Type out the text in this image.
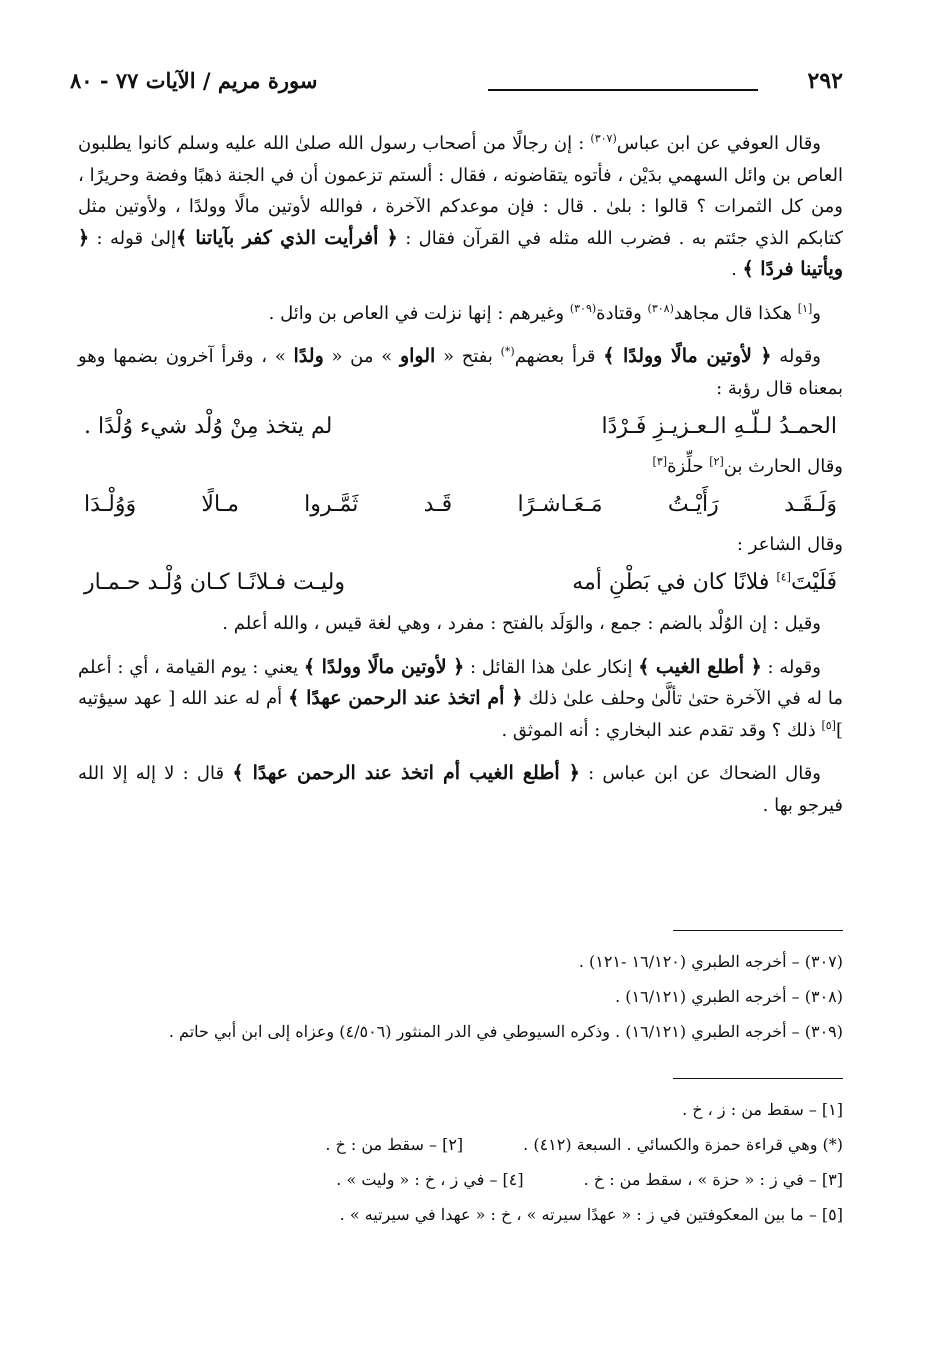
٢٩٢
سورة مريم / الآيات ٧٧ - ٨٠

وقال العوفي عن ابن عباس$^{(٣٠٧)}$ : إن رجالًا من أصحاب رسول الله صلىٰ الله عليه وسلم كانوا يطلبون العاص بن وائل السهمي بدَيْن ، فأتوه يتقاضونه ، فقال : ألستم تزعمون أن في الجنة ذهبًا وفضة وحريرًا ، ومن كل الثمرات ؟ قالوا : بلىٰ . قال : فإن موعدكم الآخرة ، فوالله لأوتين مالًا وولدًا ، ولأوتين مثل كتابكم الذي جئتم به . فضرب الله مثله في القرآن فقال : ﴿ أفرأيت الذي كفر بآياتنا ﴾إلىٰ قوله : ﴿ ويأتينا فردًا ﴾ .

و[١] هكذا قال مجاهد$^{(٣٠٨)}$ وقتادة$^{(٣٠٩)}$ وغيرهم : إنها نزلت في العاص بن وائل .

وقوله ﴿ لأوتين مالًا وولدًا ﴾ قرأ بعضهم(*) بفتح « الواو » من « ولدًا » ، وقرأ آخرون بضمها وهو بمعناه قال رؤبة :

الحمـدُ لـلّـهِ الـعـزيـزِ فَـرْدًا
لم يتخذ مِنْ وُلْد شيء وُلْدًا .

وقال الحارث بن[٢] حلِّزة[٣]

وَلَـقَـد
رَأَيْـتُ
مَـعَـاشـرًا
قَـد
ثَمَّـروا
مـالًا
وَوُلْـدَا

وقال الشاعر :

فَلَيْتَ[٤] فلانًا كان في بَطْنِ أمه
وليـت فـلانًـا كـان وُلْـد حـمـار

وقيل : إن الوُلْد بالضم : جمع ، والوَلَد بالفتح : مفرد ، وهي لغة قيس ، والله أعلم .

وقوله : ﴿ أطلع الغيب ﴾ إنكار علىٰ هذا القائل : ﴿ لأوتين مالًا وولدًا ﴾ يعني : يوم القيامة ، أي : أعلم ما له في الآخرة حتىٰ تألَّىٰ وحلف علىٰ ذلك ﴿ أم اتخذ عند الرحمن عهدًا ﴾ أم له عند الله [ عهد سيؤتيه ][٥] ذلك ؟ وقد تقدم عند البخاري : أنه الموثق .

وقال الضحاك عن ابن عباس : ﴿ أطلع الغيب أم اتخذ عند الرحمن عهدًا ﴾ قال : لا إله إلا الله فيرجو بها .

(٣٠٧) – أخرجه الطبري (١٦/١٢٠ -١٢١) .
(٣٠٨) – أخرجه الطبري (١٦/١٢١) .
(٣٠٩) – أخرجه الطبري (١٦/١٢١) . وذكره السيوطي في الدر المنثور (٤/٥٠٦) وعزاه إلى ابن أبي حاتم .
[١] – سقط من : ز ، خ .
(*) وهي قراءة حمزة والكسائي . السبعة (٤١٢) .
[٢] – سقط من : خ .
[٣] – في ز : « حزة » ، سقط من : خ .
[٤] – في ز ، خ : « وليت » .
[٥] – ما بين المعكوفتين في ز : « عهدًا سيرته » ، خ : « عهدا في سيرتيه » .
